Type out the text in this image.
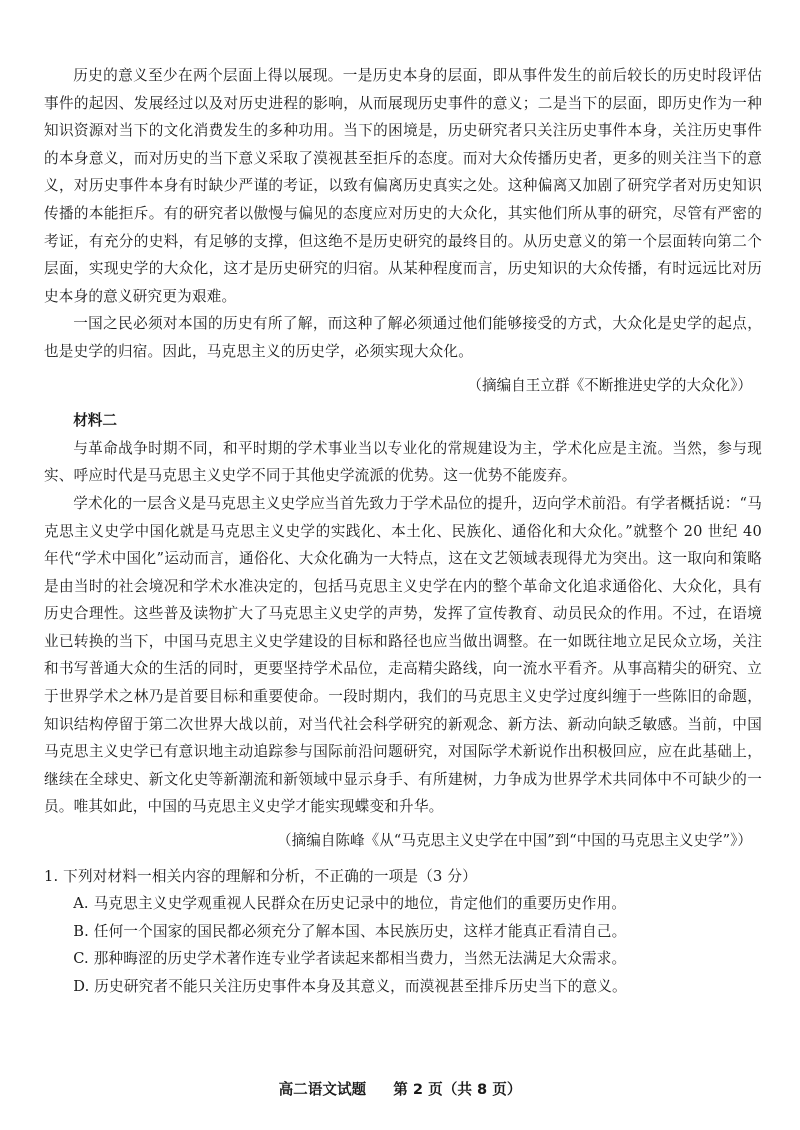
历史的意义至少在两个层面上得以展现。一是历史本身的层面，即从事件发生的前后较长的历史时段评估事件的起因、发展经过以及对历史进程的影响，从而展现历史事件的意义；二是当下的层面，即历史作为一种知识资源对当下的文化消费发生的多种功用。当下的困境是，历史研究者只关注历史事件本身，关注历史事件的本身意义，而对历史的当下意义采取了漠视甚至拒斥的态度。而对大众传播历史者，更多的则关注当下的意义，对历史事件本身有时缺少严谨的考证，以致有偏离历史真实之处。这种偏离又加剧了研究学者对历史知识传播的本能拒斥。有的研究者以傲慢与偏见的态度应对历史的大众化，其实他们所从事的研究，尽管有严密的考证，有充分的史料，有足够的支撑，但这绝不是历史研究的最终目的。从历史意义的第一个层面转向第二个层面，实现史学的大众化，这才是历史研究的归宿。从某种程度而言，历史知识的大众传播，有时远远比对历史本身的意义研究更为艰难。

一国之民必须对本国的历史有所了解，而这种了解必须通过他们能够接受的方式，大众化是史学的起点，也是史学的归宿。因此，马克思主义的历史学，必须实现大众化。

（摘编自王立群《不断推进史学的大众化》）
材料二

与革命战争时期不同，和平时期的学术事业当以专业化的常规建设为主，学术化应是主流。当然，参与现实、呼应时代是马克思主义史学不同于其他史学流派的优势。这一优势不能废弃。

学术化的一层含义是马克思主义史学应当首先致力于学术品位的提升，迈向学术前沿。有学者概括说：“马克思主义史学中国化就是马克思主义史学的实践化、本土化、民族化、通俗化和大众化。”就整个 20 世纪 40 年代“学术中国化”运动而言，通俗化、大众化确为一大特点，这在文艺领域表现得尤为突出。这一取向和策略是由当时的社会境况和学术水准决定的，包括马克思主义史学在内的整个革命文化追求通俗化、大众化，具有历史合理性。这些普及读物扩大了马克思主义史学的声势，发挥了宣传教育、动员民众的作用。不过，在语境业已转换的当下，中国马克思主义史学建设的目标和路径也应当做出调整。在一如既往地立足民众立场，关注和书写普通大众的生活的同时，更要坚持学术品位，走高精尖路线，向一流水平看齐。从事高精尖的研究、立于世界学术之林乃是首要目标和重要使命。一段时期内，我们的马克思主义史学过度纠缠于一些陈旧的命题，知识结构停留于第二次世界大战以前，对当代社会科学研究的新观念、新方法、新动向缺乏敏感。当前，中国马克思主义史学已有意识地主动追踪参与国际前沿问题研究，对国际学术新说作出积极回应，应在此基础上，继续在全球史、新文化史等新潮流和新领域中显示身手、有所建树，力争成为世界学术共同体中不可缺少的一员。唯其如此，中国的马克思主义史学才能实现蝶变和升华。

（摘编自陈峰《从“马克思主义史学在中国”到“中国的马克思主义史学”》）

1. 下列对材料一相关内容的理解和分析，不正确的一项是（3 分）

A. 马克思主义史学观重视人民群众在历史记录中的地位，肯定他们的重要历史作用。

B. 任何一个国家的国民都必须充分了解本国、本民族历史，这样才能真正看清自己。

C. 那种晦涩的历史学术著作连专业学者读起来都相当费力，当然无法满足大众需求。

D. 历史研究者不能只关注历史事件本身及其意义，而漠视甚至排斥历史当下的意义。

高二语文试题 第 2 页（共 8 页）
